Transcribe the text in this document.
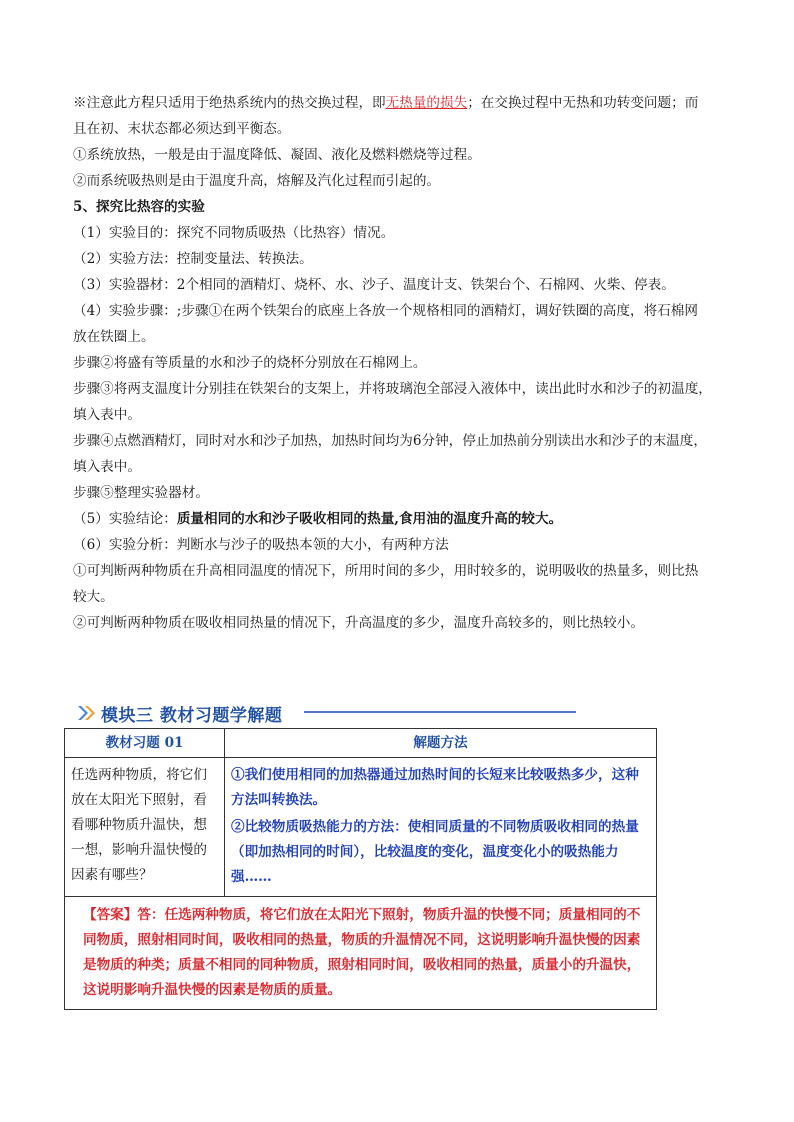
※注意此方程只适用于绝热系统内的热交换过程，即无热量的损失；在交换过程中无热和功转变问题；而
且在初、末状态都必须达到平衡态。
①系统放热，一般是由于温度降低、凝固、液化及燃料燃烧等过程。
②而系统吸热则是由于温度升高，熔解及汽化过程而引起的。
5、探究比热容的实验
（1）实验目的：探究不同物质吸热（比热容）情况。
（2）实验方法：控制变量法、转换法。
（3）实验器材：2个相同的酒精灯、烧杯、水、沙子、温度计支、铁架台个、石棉网、火柴、停表。
（4）实验步骤：;步骤①在两个铁架台的底座上各放一个规格相同的酒精灯，调好铁圈的高度，将石棉网
放在铁圈上。
步骤②将盛有等质量的水和沙子的烧杯分别放在石棉网上。
步骤③将两支温度计分别挂在铁架台的支架上，并将玻璃泡全部浸入液体中，读出此时水和沙子的初温度，
填入表中。
步骤④点燃酒精灯，同时对水和沙子加热，加热时间均为6分钟，停止加热前分别读出水和沙子的末温度，
填入表中。
步骤⑤整理实验器材。
（5）实验结论：质量相同的水和沙子吸收相同的热量,食用油的温度升高的较大。
（6）实验分析：判断水与沙子的吸热本领的大小，有两种方法
①可判断两种物质在升高相同温度的情况下，所用时间的多少，用时较多的，说明吸收的热量多，则比热
较大。
②可判断两种物质在吸收相同热量的情况下，升高温度的多少，温度升高较多的，则比热较小。
模块三 教材习题学解题
教材习题 01	解题方法

任选两种物质，将它们放在太阳光下照射，看看哪种物质升温快，想一想，影响升温快慢的因素有哪些？	①我们使用相同的加热器通过加热时间的长短来比较吸热多少，这种方法叫转换法。
②比较物质吸热能力的方法：使相同质量的不同物质吸收相同的热量（即加热相同的时间），比较温度的变化，温度变化小的吸热能力强……

【答案】答：任选两种物质，将它们放在太阳光下照射，物质升温的快慢不同；质量相同的不同物质，照射相同时间，吸收相同的热量，物质的升温情况不同，这说明影响升温快慢的因素是物质的种类；质量不相同的同种物质，照射相同时间，吸收相同的热量，质量小的升温快，这说明影响升温快慢的因素是物质的质量。	
